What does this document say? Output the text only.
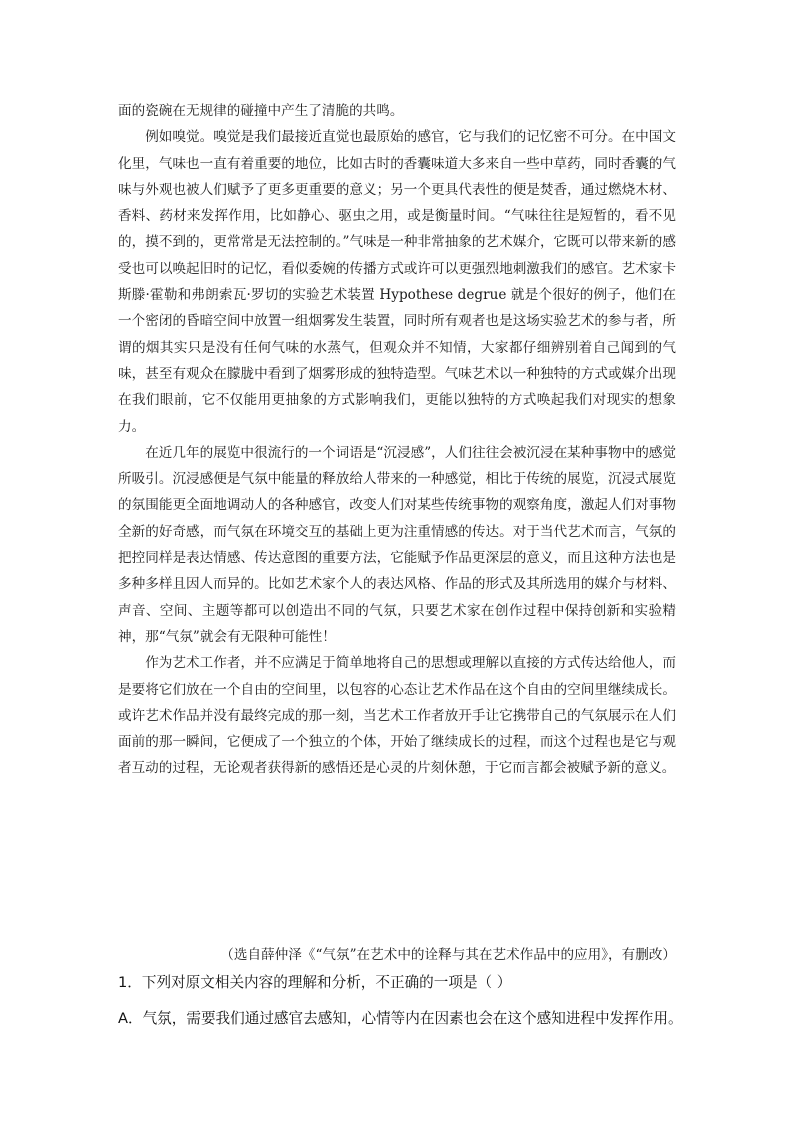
面的瓷碗在无规律的碰撞中产生了清脆的共鸣。

例如嗅觉。嗅觉是我们最接近直觉也最原始的感官，它与我们的记忆密不可分。在中国文化里，气味也一直有着重要的地位，比如古时的香囊味道大多来自一些中草药，同时香囊的气味与外观也被人们赋予了更多更重要的意义；另一个更具代表性的便是焚香，通过燃烧木材、香料、药材来发挥作用，比如静心、驱虫之用，或是衡量时间。“气味往往是短暂的，看不见的，摸不到的，更常常是无法控制的。”气味是一种非常抽象的艺术媒介，它既可以带来新的感受也可以唤起旧时的记忆，看似委婉的传播方式或许可以更强烈地刺激我们的感官。艺术家卡斯滕·霍勒和弗朗索瓦·罗切的实验艺术装置 Hypothese degrue 就是个很好的例子，他们在一个密闭的昏暗空间中放置一组烟雾发生装置，同时所有观者也是这场实验艺术的参与者，所谓的烟其实只是没有任何气味的水蒸气，但观众并不知情，大家都仔细辨别着自己闻到的气味，甚至有观众在朦胧中看到了烟雾形成的独特造型。气味艺术以一种独特的方式或媒介出现在我们眼前，它不仅能用更抽象的方式影响我们，更能以独特的方式唤起我们对现实的想象力。

在近几年的展览中很流行的一个词语是“沉浸感”，人们往往会被沉浸在某种事物中的感觉所吸引。沉浸感便是气氛中能量的释放给人带来的一种感觉，相比于传统的展览，沉浸式展览的氛围能更全面地调动人的各种感官，改变人们对某些传统事物的观察角度，激起人们对事物全新的好奇感，而气氛在环境交互的基础上更为注重情感的传达。对于当代艺术而言，气氛的把控同样是表达情感、传达意图的重要方法，它能赋予作品更深层的意义，而且这种方法也是多种多样且因人而异的。比如艺术家个人的表达风格、作品的形式及其所选用的媒介与材料、声音、空间、主题等都可以创造出不同的气氛，只要艺术家在创作过程中保持创新和实验精神，那“气氛”就会有无限种可能性！

作为艺术工作者，并不应满足于简单地将自己的思想或理解以直接的方式传达给他人，而是要将它们放在一个自由的空间里，以包容的心态让艺术作品在这个自由的空间里继续成长。或许艺术作品并没有最终完成的那一刻，当艺术工作者放开手让它携带自己的气氛展示在人们面前的那一瞬间，它便成了一个独立的个体，开始了继续成长的过程，而这个过程也是它与观者互动的过程，无论观者获得新的感悟还是心灵的片刻休憩，于它而言都会被赋予新的意义。

（选自薛仲泽《“气氛”在艺术中的诠释与其在艺术作品中的应用》，有删改）
1．下列对原文相关内容的理解和分析，不正确的一项是（ ）
A．气氛，需要我们通过感官去感知，心情等内在因素也会在这个感知进程中发挥作用。
